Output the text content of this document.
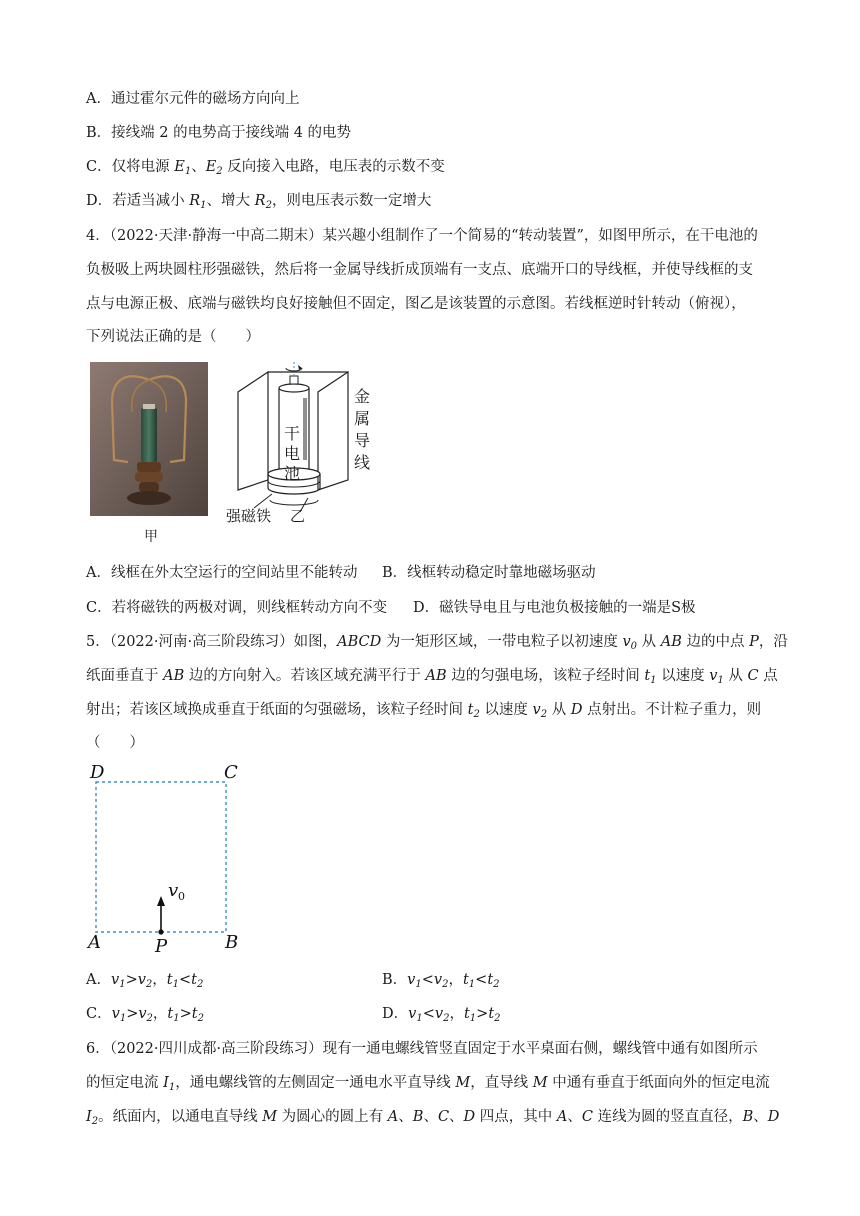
A．通过霍尔元件的磁场方向向上
B．接线端 2 的电势高于接线端 4 的电势
C．仅将电源 $E_1$、$E_2$ 反向接入电路，电压表的示数不变
D．若适当减小 $R_1$、增大 $R_2$，则电压表示数一定增大
4．（2022·天津·静海一中高二期末）某兴趣小组制作了一个简易的“转动装置”，如图甲所示，在干电池的
负极吸上两块圆柱形强磁铁，然后将一金属导线折成顶端有一支点、底端开口的导线框，并使导线框的支
点与电源正极、底端与磁铁均良好接触但不固定，图乙是该装置的示意图。若线框逆时针转动（俯视），
下列说法正确的是（　　）
甲
干
电
池
金
属
导
线
强磁铁 乙
A．线框在外太空运行的空间站里不能转动 B．线框转动稳定时靠地磁场驱动
C．若将磁铁的两极对调，则线框转动方向不变 D．磁铁导电且与电池负极接触的一端是S极
5．（2022·河南·高三阶段练习）如图，ABCD 为一矩形区域，一带电粒子以初速度 $v_0$ 从 AB 边的中点 P，沿
纸面垂直于 AB 边的方向射入。若该区域充满平行于 AB 边的匀强电场，该粒子经时间 $t_1$ 以速度 $v_1$ 从 C 点
射出；若该区域换成垂直于纸面的匀强磁场，该粒子经时间 $t_2$ 以速度 $v_2$ 从 D 点射出。不计粒子重力，则
（　　）
D	C
A	B
P
v 0
A．$v_1>v_2$，$t_1<t_2$	B．$v_1<v_2$，$t_1<t_2$
C．$v_1>v_2$，$t_1>t_2$	D．$v_1<v_2$，$t_1>t_2$
6．（2022·四川成都·高三阶段练习）现有一通电螺线管竖直固定于水平桌面右侧，螺线管中通有如图所示
的恒定电流 $I_1$，通电螺线管的左侧固定一通电水平直导线 M，直导线 M 中通有垂直于纸面向外的恒定电流
$I_2$。纸面内，以通电直导线 M 为圆心的圆上有 A、B、C、D 四点，其中 A、C 连线为圆的竖直直径，B、D
